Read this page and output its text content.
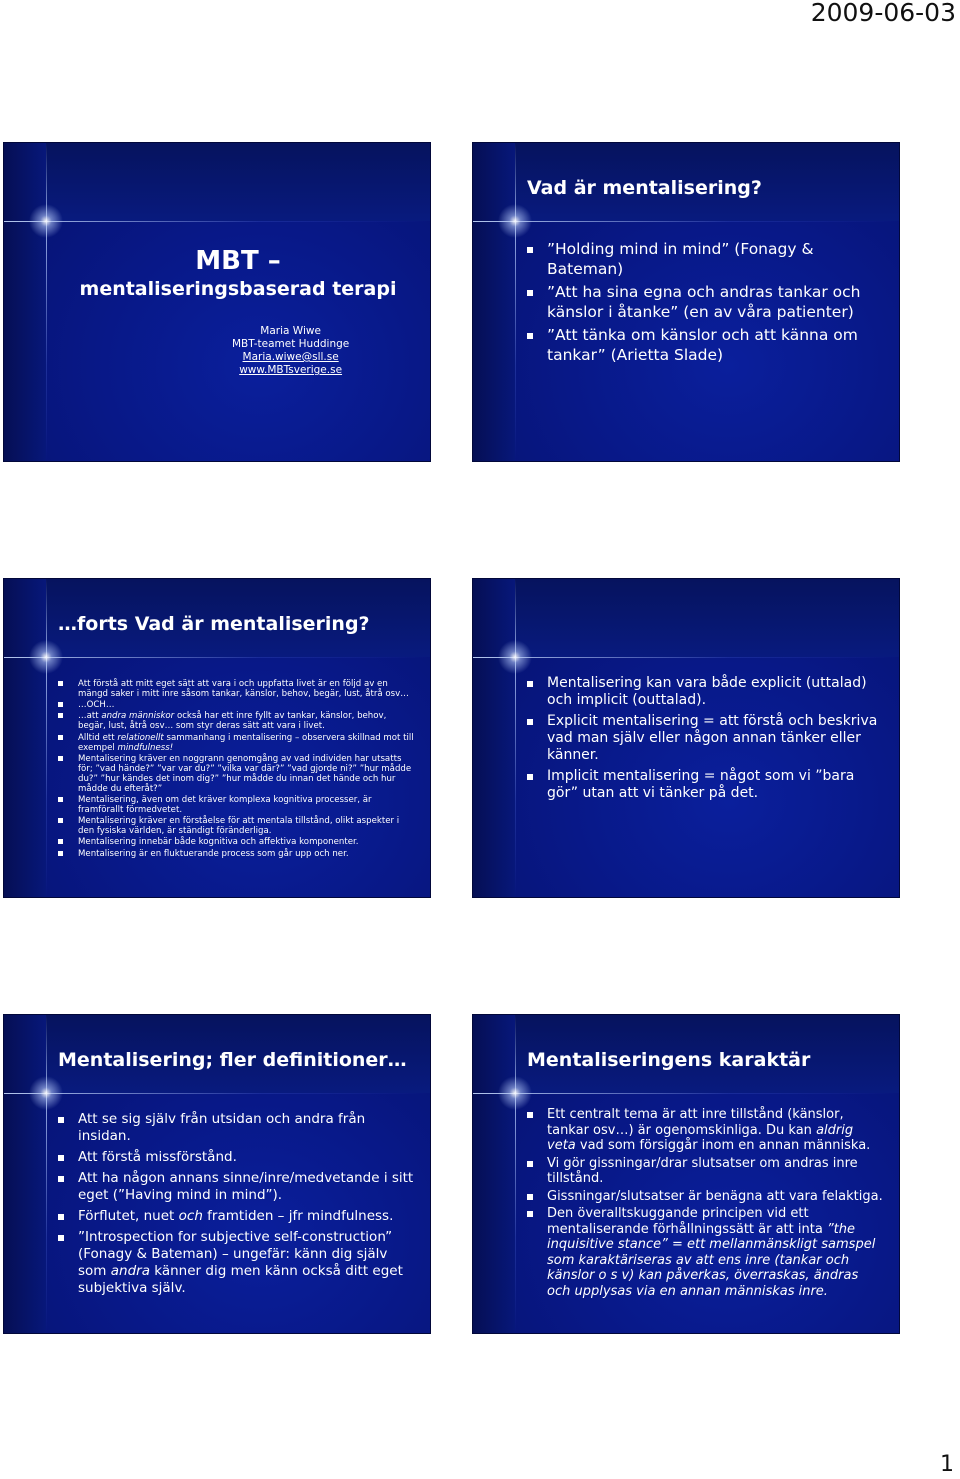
2009-06-03
MBT –
mentaliseringsbaserad terapi
Maria Wiwe
MBT-teamet Huddinge
Maria.wiwe@sll.se
www.MBTsverige.se
Vad är mentalisering?
”Holding mind in mind” (Fonagy & Bateman)
”Att ha sina egna och andras tankar och känslor i åtanke” (en av våra patienter)
”Att tänka om känslor och att känna om tankar” (Arietta Slade)
…forts Vad är mentalisering?
Att förstå att mitt eget sätt att vara i och uppfatta livet är en följd av en mängd saker i mitt inre såsom tankar, känslor, behov, begär, lust, åtrå osv…
…OCH…
…att andra människor också har ett inre fyllt av tankar, känslor, behov, begär, lust, åtrå osv… som styr deras sätt att vara i livet.
Alltid ett relationellt sammanhang i mentalisering – observera skillnad mot till exempel mindfulness!
Mentalisering kräver en noggrann genomgång av vad individen har utsatts för; ”vad hände?” ”var var du?” ”vilka var där?” ”vad gjorde ni?” ”hur mådde du?” ”hur kändes det inom dig?” ”hur mådde du innan det hände och hur mådde du efteråt?”
Mentalisering, även om det kräver komplexa kognitiva processer, är framförallt förmedvetet.
Mentalisering kräver en förståelse för att mentala tillstånd, olikt aspekter i den fysiska världen, är ständigt föränderliga.
Mentalisering innebär både kognitiva och affektiva komponenter.
Mentalisering är en fluktuerande process som går upp och ner.
Mentalisering kan vara både explicit (uttalad) och implicit (outtalad).
Explicit mentalisering = att förstå och beskriva vad man själv eller någon annan tänker eller känner.
Implicit mentalisering = något som vi ”bara gör” utan att vi tänker på det.
Mentalisering; fler definitioner…
Att se sig själv från utsidan och andra från insidan.
Att förstå missförstånd.
Att ha någon annans sinne/inre/medvetande i sitt eget (”Having mind in mind”).
Förflutet, nuet och framtiden – jfr mindfulness.
”Introspection for subjective self-construction” (Fonagy & Bateman) – ungefär: känn dig själv som andra känner dig men känn också ditt eget subjektiva själv.
Mentaliseringens karaktär
Ett centralt tema är att inre tillstånd (känslor, tankar osv…) är ogenomskinliga. Du kan aldrig veta vad som försiggår inom en annan människa.
Vi gör gissningar/drar slutsatser om andras inre tillstånd.
Gissningar/slutsatser är benägna att vara felaktiga.
Den överalltskuggande principen vid ett mentaliserande förhållningssätt är att inta ”the inquisitive stance” = ett mellanmänskligt samspel som karaktäriseras av att ens inre (tankar och känslor o s v) kan påverkas, överraskas, ändras och upplysas via en annan människas inre.
1
